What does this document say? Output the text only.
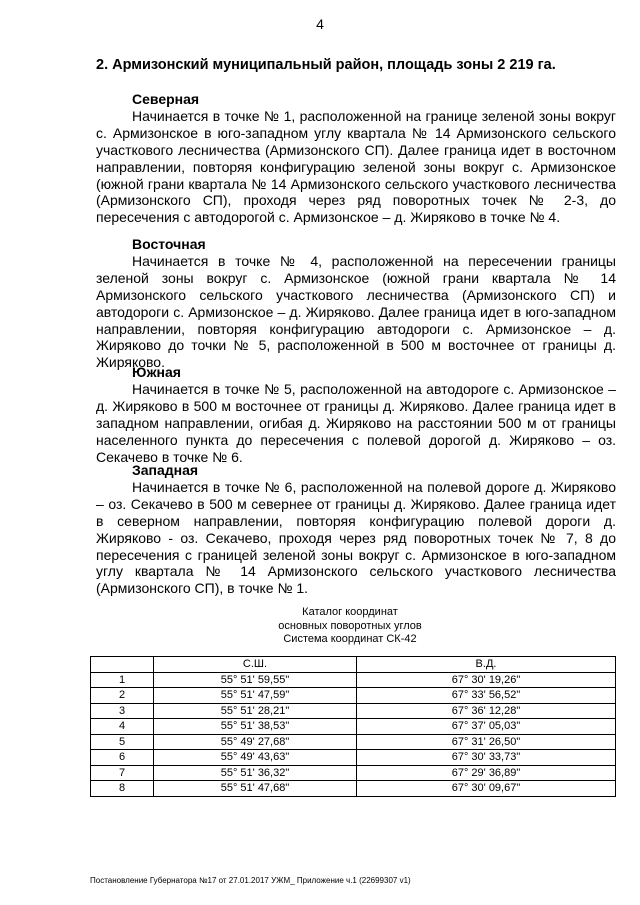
4
2. Армизонский муниципальный район, площадь зоны 2 219 га.
Северная

Начинается в точке № 1, расположенной на границе зеленой зоны вокруг с. Армизонское в юго-западном углу квартала № 14 Армизонского сельского участкового лесничества (Армизонского СП). Далее граница идет в восточном направлении, повторяя конфигурацию зеленой зоны вокруг с. Армизонское (южной грани квартала № 14 Армизонского сельского участкового лесничества (Армизонского СП), проходя через ряд поворотных точек № 2-3, до пересечения с автодорогой с. Армизонское – д. Жиряково в точке № 4.

Восточная

Начинается в точке № 4, расположенной на пересечении границы зеленой зоны вокруг с. Армизонское (южной грани квартала № 14 Армизонского сельского участкового лесничества (Армизонского СП) и автодороги с. Армизонское – д. Жиряково. Далее граница идет в юго-западном направлении, повторяя конфигурацию автодороги с. Армизонское – д. Жиряково до точки № 5, расположенной в 500 м восточнее от границы д. Жиряково.

Южная

Начинается в точке № 5, расположенной на автодороге с. Армизонское – д. Жиряково в 500 м восточнее от границы д. Жиряково. Далее граница идет в западном направлении, огибая д. Жиряково на расстоянии 500 м от границы населенного пункта до пересечения с полевой дорогой д. Жиряково – оз. Секачево в точке № 6.

Западная

Начинается в точке № 6, расположенной на полевой дороге д. Жиряково – оз. Секачево в 500 м севернее от границы д. Жиряково. Далее граница идет в северном направлении, повторяя конфигурацию полевой дороги д. Жиряково - оз. Секачево, проходя через ряд поворотных точек № 7, 8 до пересечения с границей зеленой зоны вокруг с. Армизонское в юго-западном углу квартала № 14 Армизонского сельского участкового лесничества (Армизонского СП), в точке № 1.

Каталог координат
основных поворотных углов
Система координат СК-42
	С.Ш.	В.Д.
1	55° 51' 59,55"	67° 30' 19,26"
2	55° 51' 47,59"	67° 33' 56,52"
3	55° 51' 28,21"	67° 36' 12,28"
4	55° 51' 38,53"	67° 37' 05,03"
5	55° 49' 27,68"	67° 31' 26,50"
6	55° 49' 43,63"	67° 30' 33,73"
7	55° 51' 36,32"	67° 29' 36,89"
8	55° 51' 47,68"	67° 30' 09,67"
Постановление Губернатора №17 от 27.01.2017 УЖМ_ Приложение ч.1 (22699307 v1)
